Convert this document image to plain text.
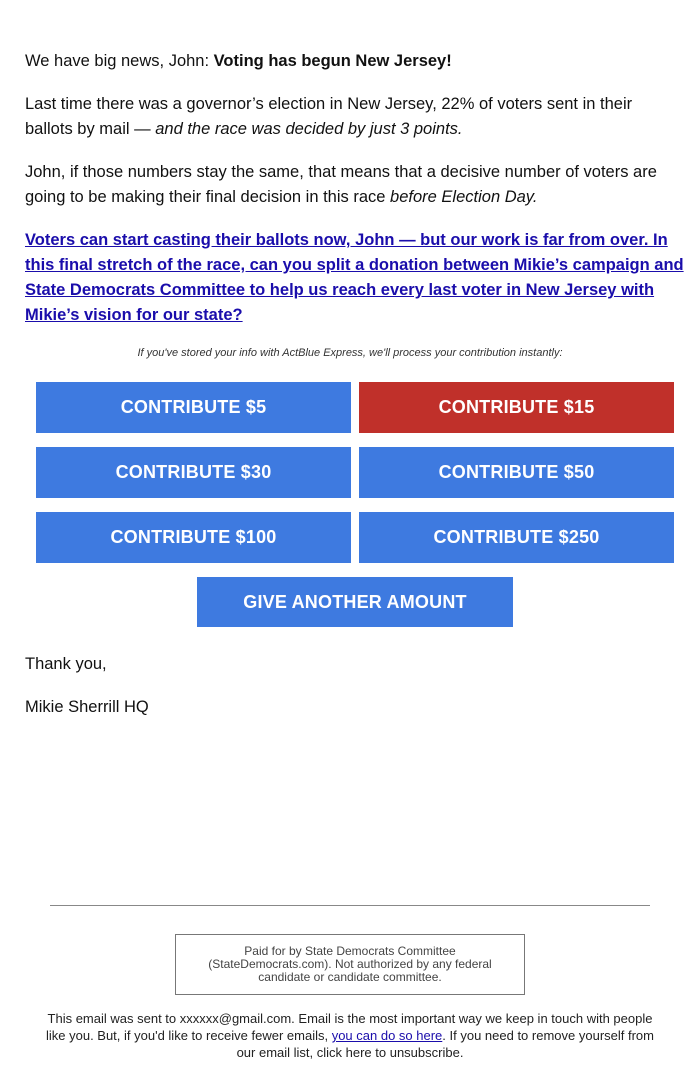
We have big news, John: Voting has begun New Jersey!

Last time there was a governor’s election in New Jersey, 22% of voters sent in their ballots by mail — and the race was decided by just 3 points.

John, if those numbers stay the same, that means that a decisive number of voters are going to be making their final decision in this race before Election Day.

Voters can start casting their ballots now, John — but our work is far from over. In this final stretch of the race, can you split a donation between Mikie’s campaign and State Democrats Committee to help us reach every last voter in New Jersey with Mikie’s vision for our state?

If you've stored your info with ActBlue Express, we'll process your contribution instantly:
CONTRIBUTE $5	CONTRIBUTE $15
CONTRIBUTE $30	CONTRIBUTE $50
CONTRIBUTE $100	CONTRIBUTE $250
GIVE ANOTHER AMOUNT

Thank you,

Mikie Sherrill HQ

Paid for by State Democrats Committee (StateDemocrats.com). Not authorized by any federal candidate or candidate committee.
This email was sent to xxxxxx@gmail.com. Email is the most important way we keep in touch with people like you. But, if you'd like to receive fewer emails, you can do so here. If you need to remove yourself from our email list, click here to unsubscribe.
